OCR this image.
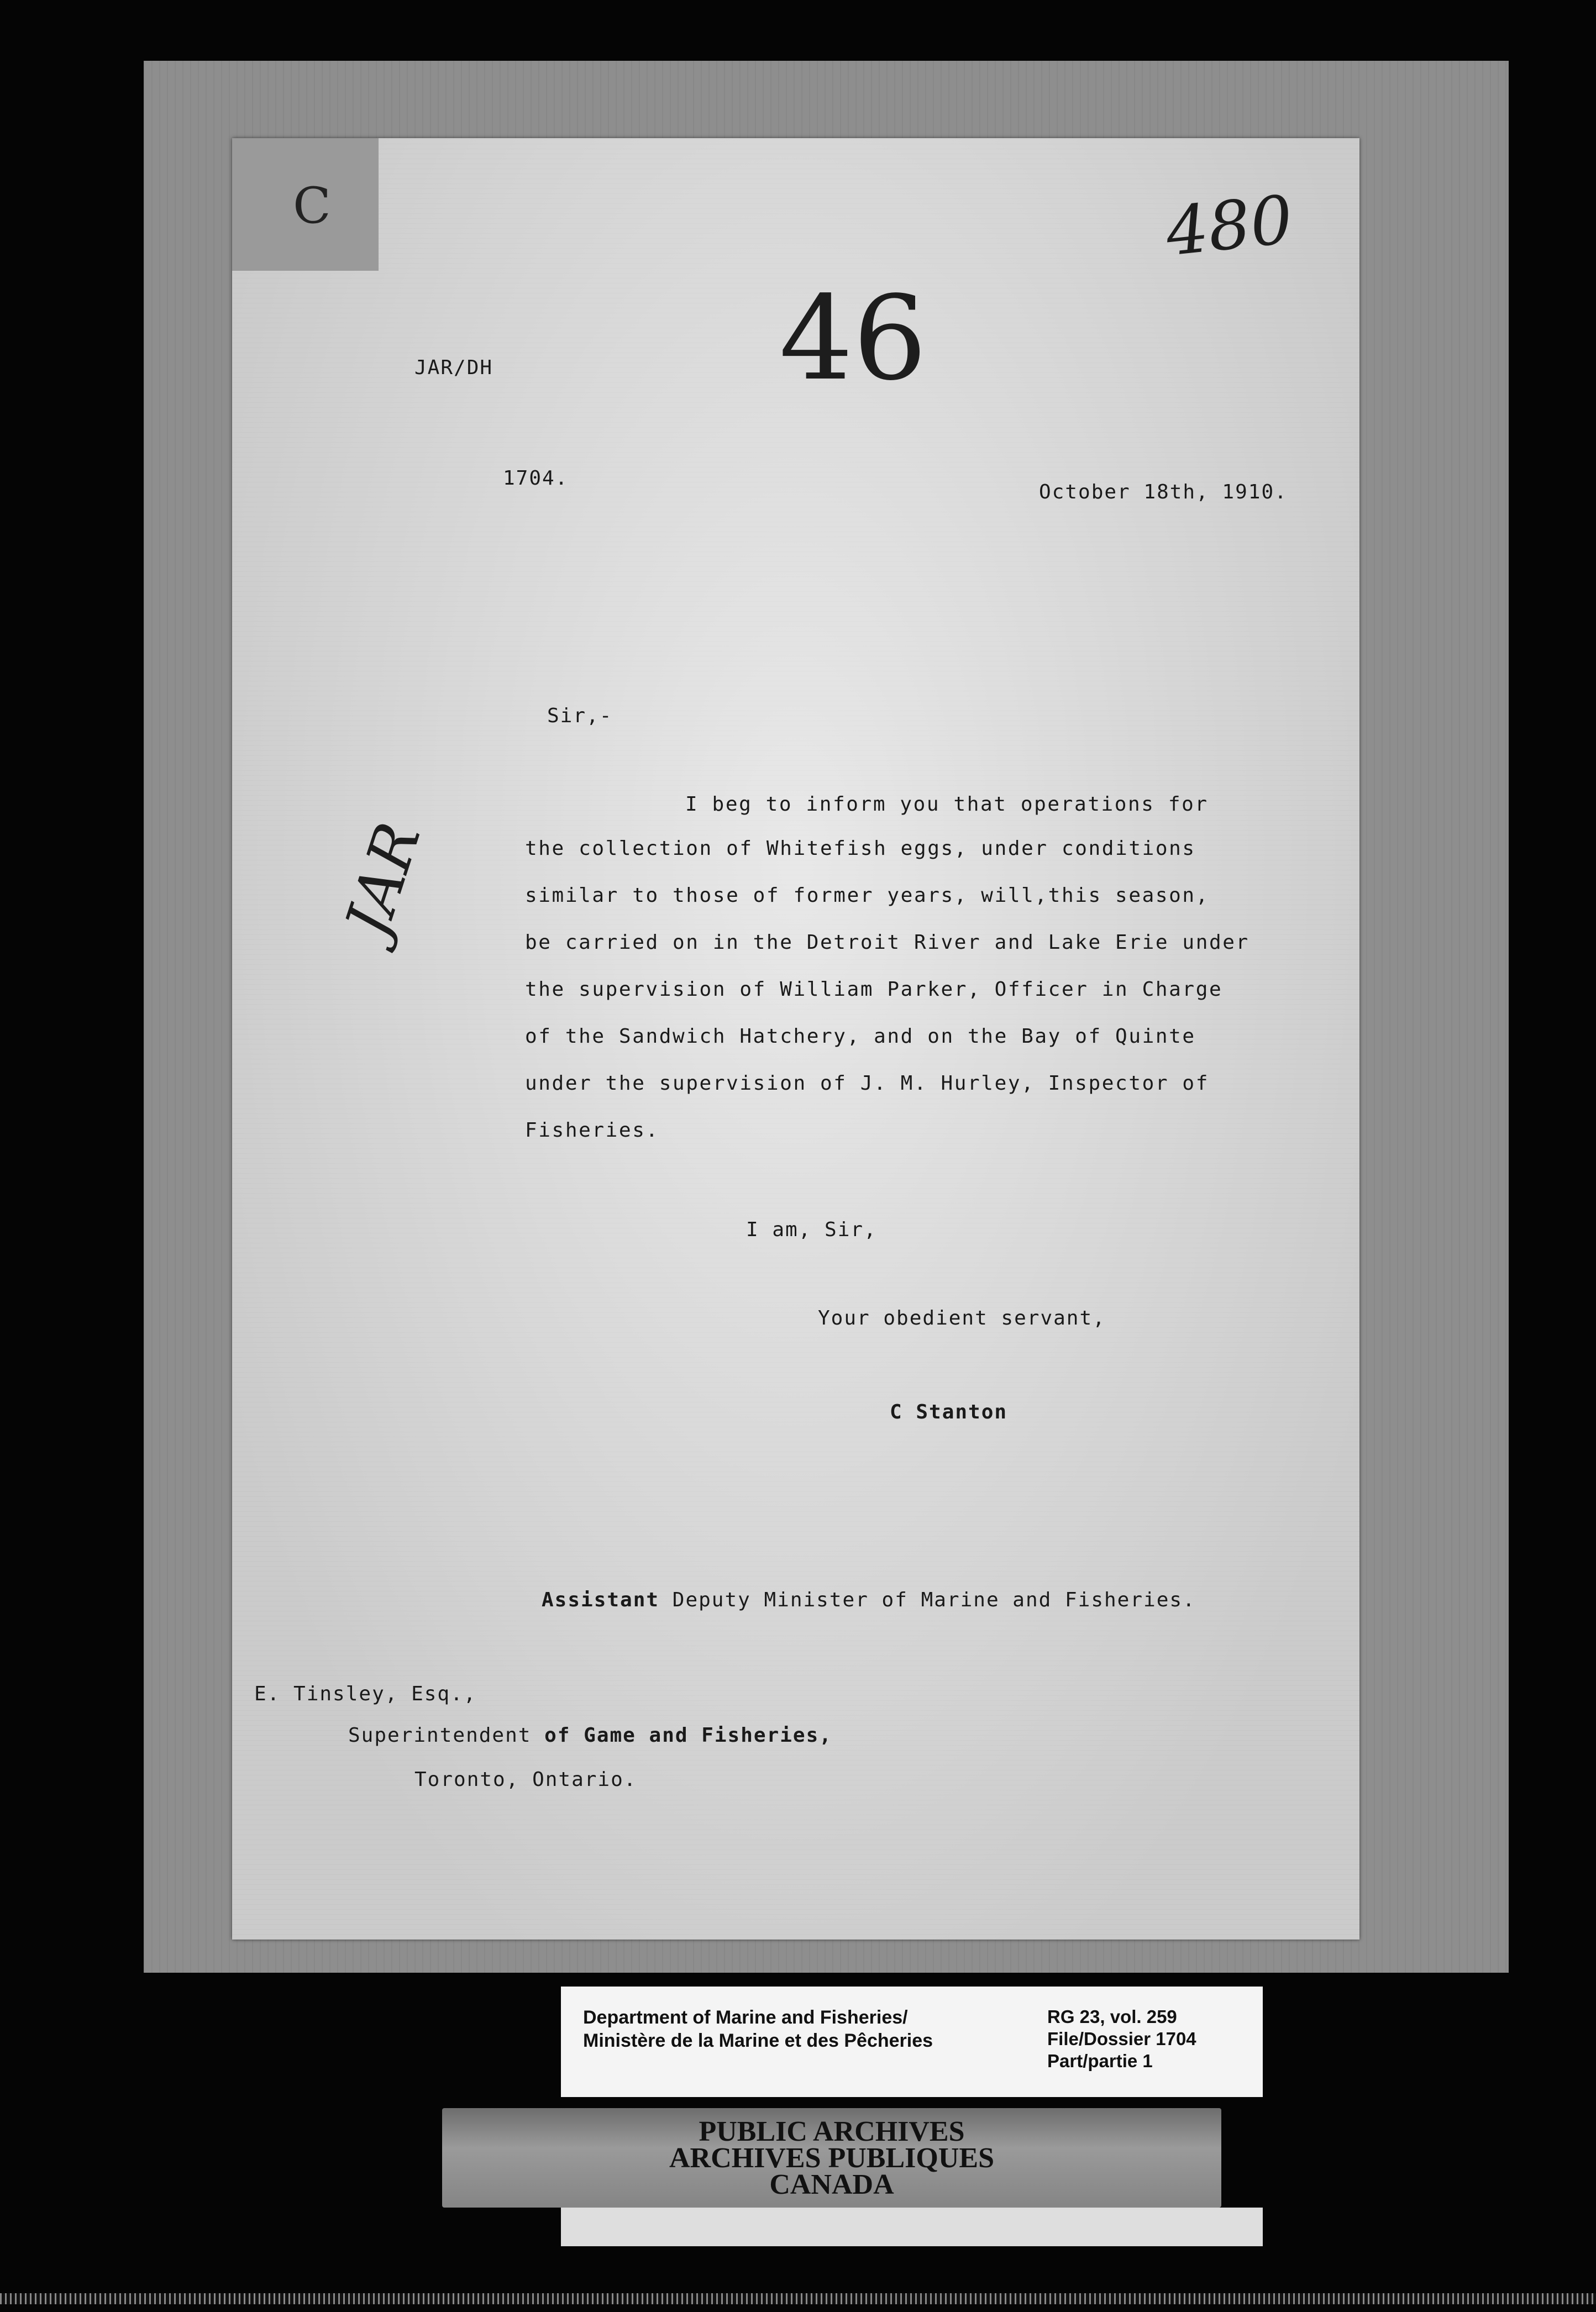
C	480
46
JAR
JAR/DH
1704.
October 18th, 1910.
Sir,-
I beg to inform you that operations for
the collection of Whitefish eggs, under conditions
similar to those of former years, will,this season,
be carried on in the Detroit River and Lake Erie under
the supervision of William Parker, Officer in Charge
of the Sandwich Hatchery, and on the Bay of Quinte
under the supervision of J. M. Hurley, Inspector of
Fisheries.
I am, Sir,
Your obedient servant,
C Stanton
Assistant Deputy Minister of Marine and Fisheries.
E. Tinsley, Esq.,
Superintendent of Game and Fisheries,
Toronto, Ontario.
Department of Marine and Fisheries/
Ministère de la Marine et des Pêcheries
RG 23, vol. 259
File/Dossier 1704
Part/partie 1
PUBLIC ARCHIVES
ARCHIVES PUBLIQUES
CANADA
